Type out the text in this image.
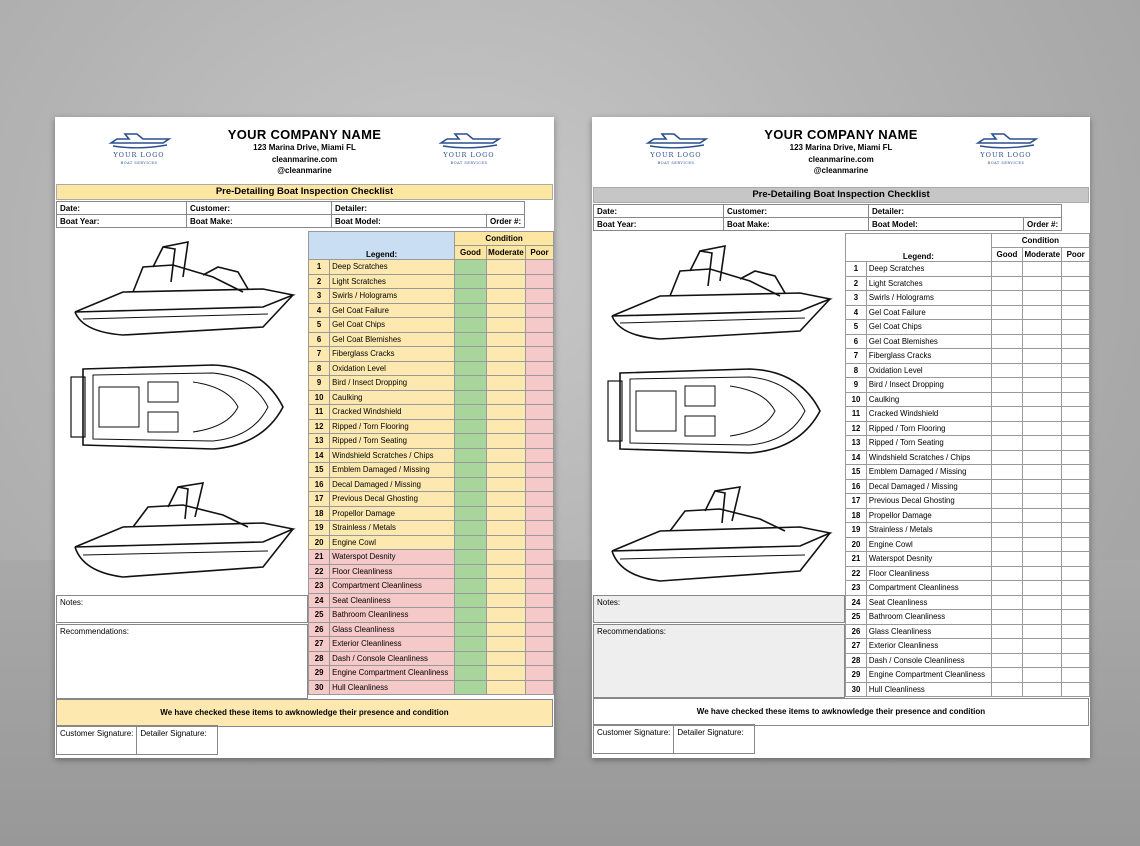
YOUR LOGO
BOAT SERVICES
YOUR COMPANY NAME
123 Marina Drive, Miami FL
cleanmarine.com
@cleanmarine
YOUR LOGO
BOAT SERVICES
Pre-Detailing Boat Inspection Checklist
Date:	Customer:	Detailer:	
Boat Year:	Boat Make:	Boat Model:	Order #:
Legend:		Condition		
		Good	Moderate	Poor
1	Deep Scratches			
2	Light Scratches			
3	Swirls / Holograms			
4	Gel Coat Failure			
5	Gel Coat Chips			
6	Gel Coat Blemishes			
7	Fiberglass Cracks			
8	Oxidation Level			
9	Bird / Insect Dropping			
10	Caulking			
11	Cracked Windshield			
12	Ripped / Torn Flooring			
13	Ripped / Torn Seating			
14	Windshield Scratches / Chips			
15	Emblem Damaged / Missing			
16	Decal Damaged / Missing			
17	Previous Decal Ghosting			
18	Propellor Damage			
19	Strainless / Metals			
20	Engine Cowl			
21	Waterspot Desnity			
22	Floor Cleanliness			
23	Compartment Cleanliness			
24	Seat Cleanliness			
25	Bathroom Cleanliness			
26	Glass Cleanliness			
27	Exterior Cleanliness			
28	Dash / Console Cleanliness			
29	Engine Compartment Cleanliness			
30	Hull Cleanliness			
Notes:
Recommendations:
We have checked these items to awknowledge their presence and condition
Customer Signature:	Detailer Signature:
YOUR LOGO
BOAT SERVICES
YOUR COMPANY NAME
123 Marina Drive, Miami FL
cleanmarine.com
@cleanmarine
YOUR LOGO
BOAT SERVICES
Pre-Detailing Boat Inspection Checklist
Date:	Customer:	Detailer:	
Boat Year:	Boat Make:	Boat Model:	Order #:
Legend:		Condition		
		Good	Moderate	Poor
1	Deep Scratches			
2	Light Scratches			
3	Swirls / Holograms			
4	Gel Coat Failure			
5	Gel Coat Chips			
6	Gel Coat Blemishes			
7	Fiberglass Cracks			
8	Oxidation Level			
9	Bird / Insect Dropping			
10	Caulking			
11	Cracked Windshield			
12	Ripped / Torn Flooring			
13	Ripped / Torn Seating			
14	Windshield Scratches / Chips			
15	Emblem Damaged / Missing			
16	Decal Damaged / Missing			
17	Previous Decal Ghosting			
18	Propellor Damage			
19	Strainless / Metals			
20	Engine Cowl			
21	Waterspot Desnity			
22	Floor Cleanliness			
23	Compartment Cleanliness			
24	Seat Cleanliness			
25	Bathroom Cleanliness			
26	Glass Cleanliness			
27	Exterior Cleanliness			
28	Dash / Console Cleanliness			
29	Engine Compartment Cleanliness			
30	Hull Cleanliness			
Notes:
Recommendations:
We have checked these items to awknowledge their presence and condition
Customer Signature:	Detailer Signature:
